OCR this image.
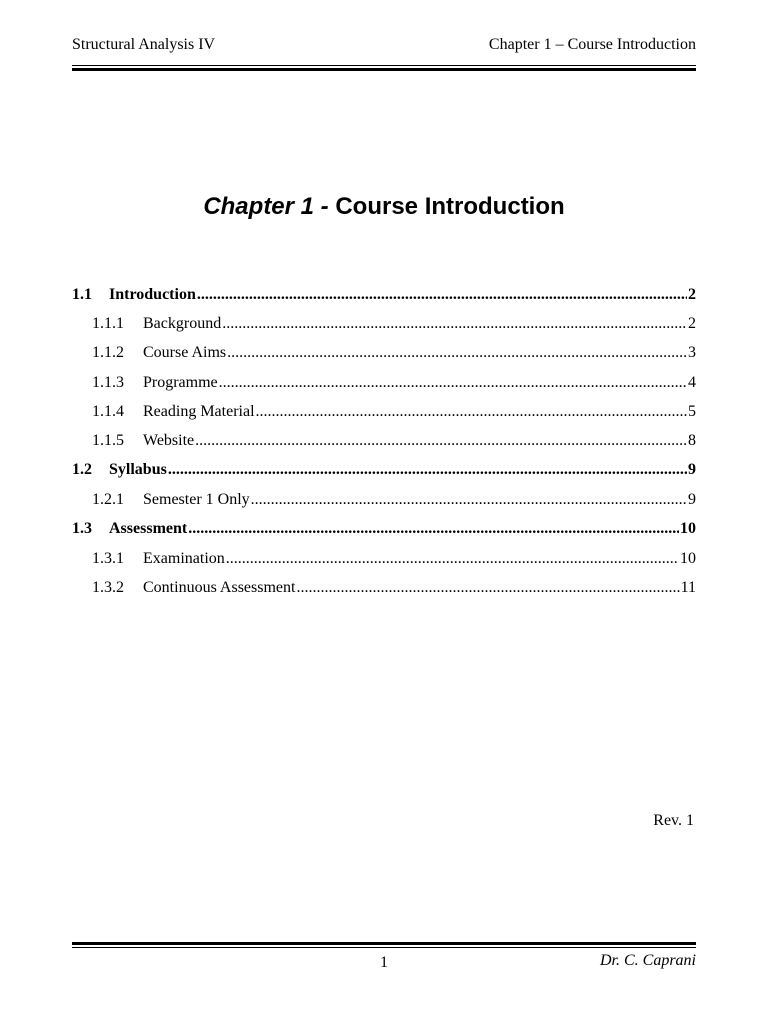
Structural Analysis IV	Chapter 1 – Course Introduction
Chapter 1 - Course Introduction
1.1	Introduction .....	2
1.1.1	Background .....	2
1.1.2	Course Aims .....	3
1.1.3	Programme .....	4
1.1.4	Reading Material .....	5
1.1.5	Website .....	8
1.2	Syllabus .....	9
1.2.1	Semester 1 Only .....	9
1.3	Assessment .....	10
1.3.1	Examination .....	10
1.3.2	Continuous Assessment .....	11
Rev. 1
1	Dr. C. Caprani
